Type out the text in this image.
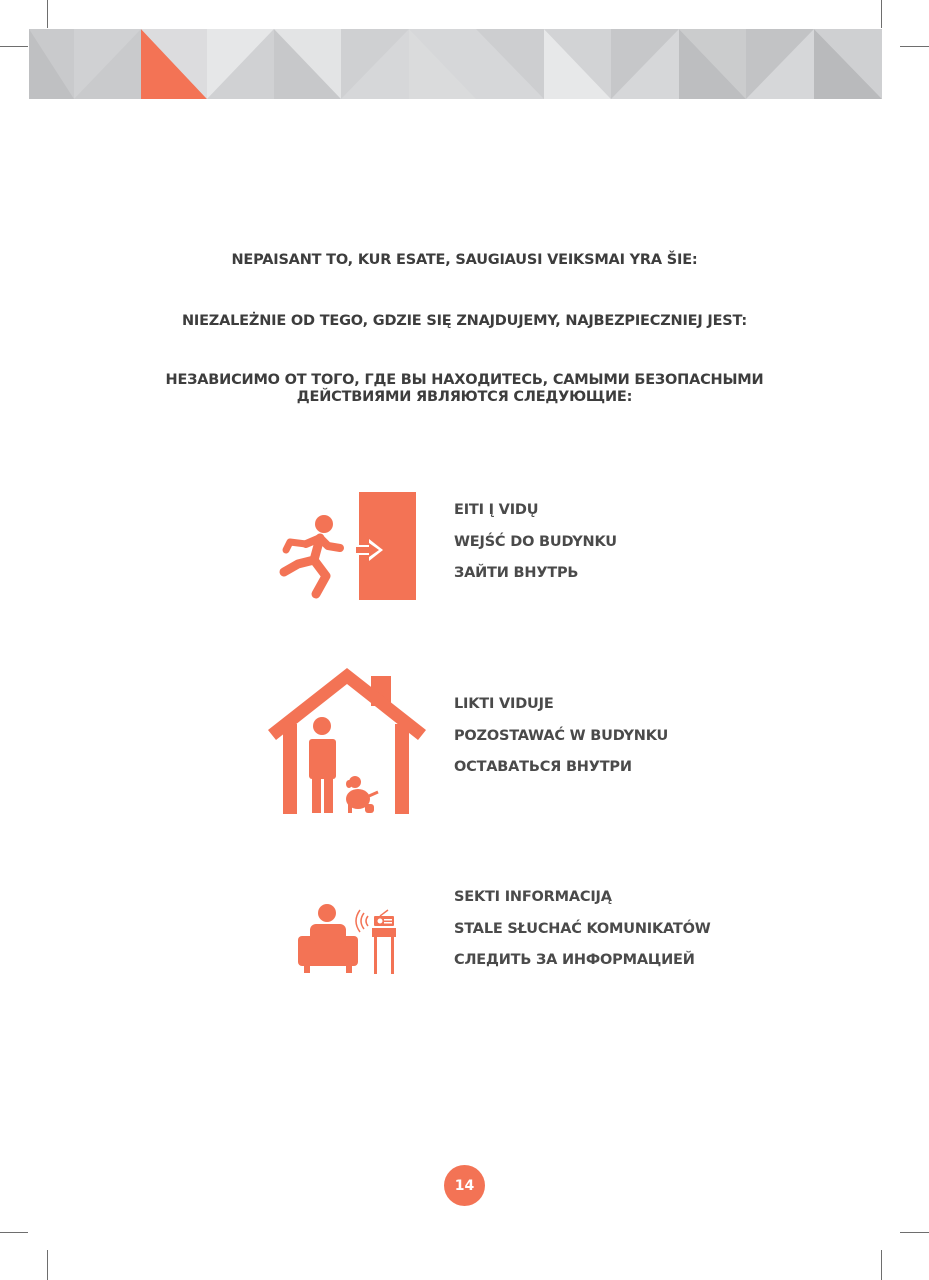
NEPAISANT TO, KUR ESATE, SAUGIAUSI VEIKSMAI YRA ŠIE:
NIEZALEŻNIE OD TEGO, GDZIE SIĘ ZNAJDUJEMY, NAJBEZPIECZNIEJ JEST:
НЕЗАВИСИМО ОТ ТОГО, ГДЕ ВЫ НАХОДИТЕСЬ, САМЫМИ БЕЗОПАСНЫМИ
ДЕЙСТВИЯМИ ЯВЛЯЮТСЯ СЛЕДУЮЩИЕ:
EITI Į VIDŲ
WEJŚĆ DO BUDYNKU
ЗАЙТИ ВНУТРЬ
LIKTI VIDUJE
POZOSTAWAĆ W BUDYNKU
ОСТАВАТЬСЯ ВНУТРИ
SEKTI INFORMACIJĄ
STALE SŁUCHAĆ KOMUNIKATÓW
СЛЕДИТЬ ЗА ИНФОРМАЦИЕЙ
14
